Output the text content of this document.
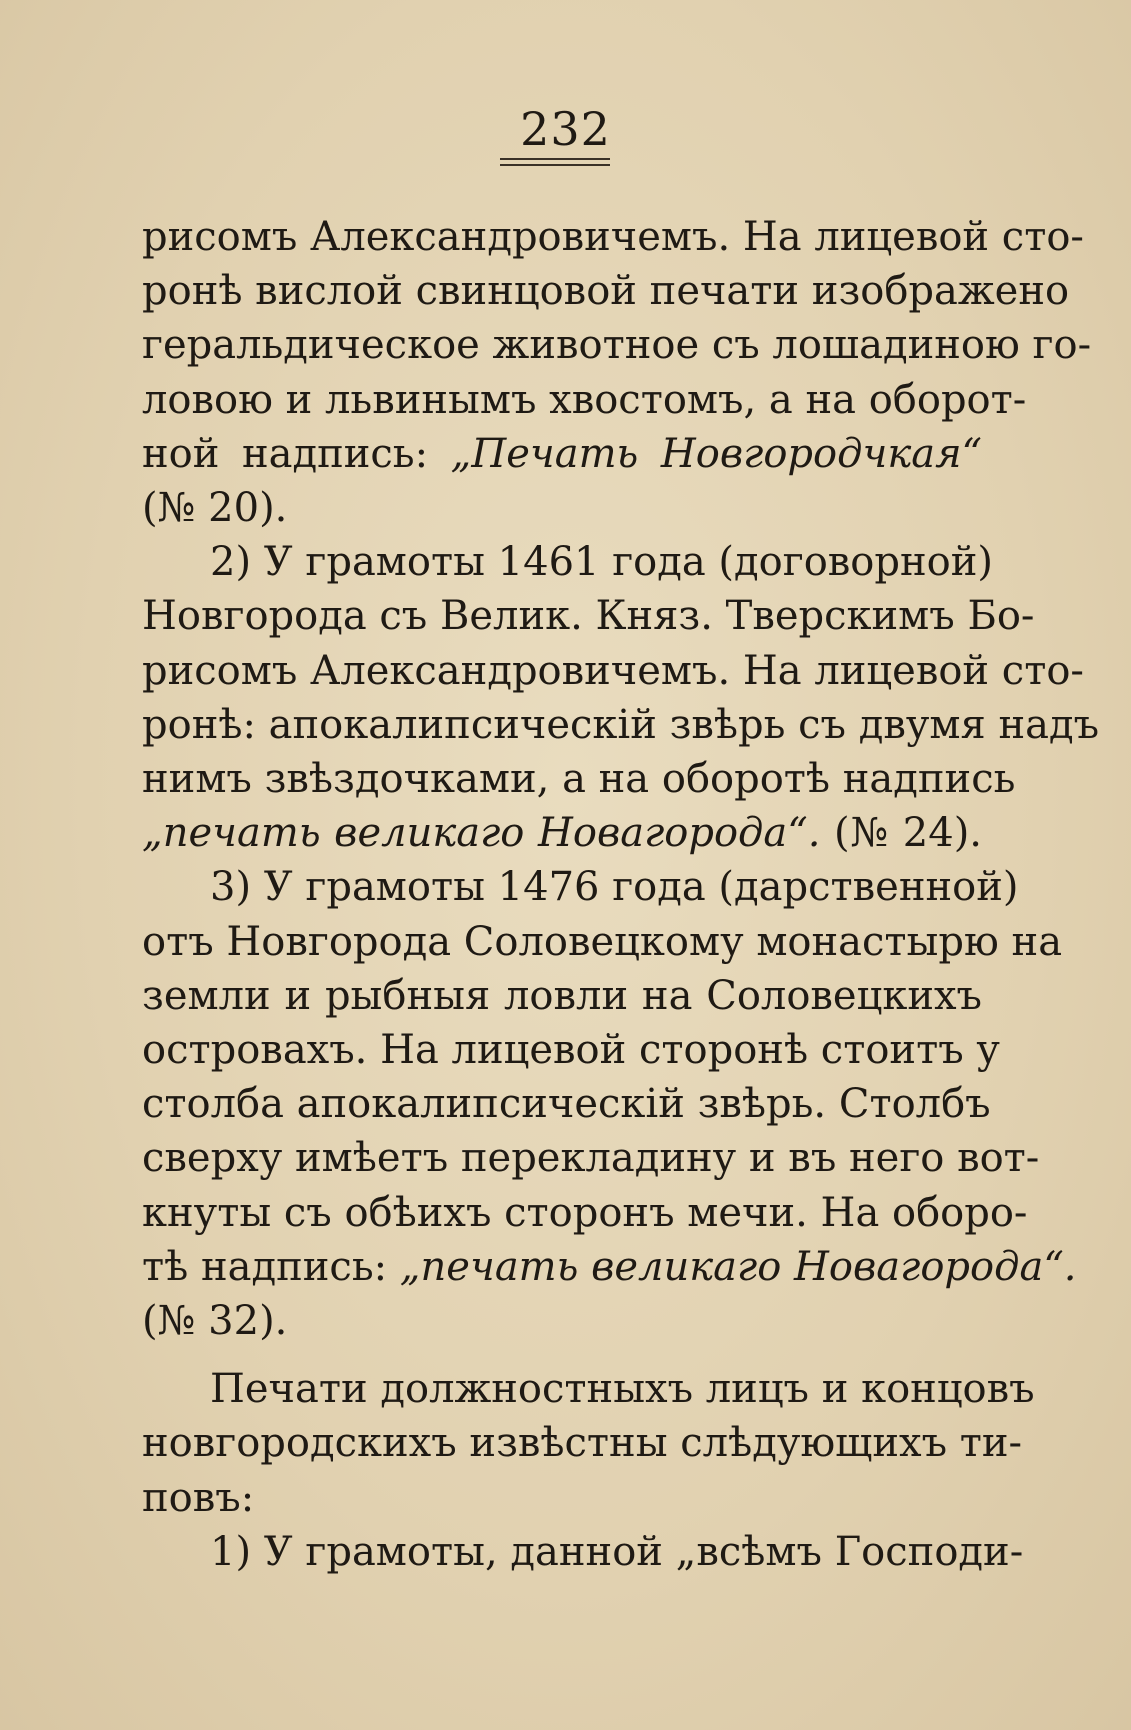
232
рисомъ Александровичемъ. На лицевой сто-
ронѣ вислой свинцовой печати изображено
геральдическое животное съ лошадиною го-
ловою и львинымъ хвостомъ, а на оборот-
ной надпись: „Печать Новгородчкая“
(№ 20).
2) У грамоты 1461 года (договорной)
Новгорода съ Велик. Княз. Тверскимъ Бо-
рисомъ Александровичемъ. На лицевой сто-
ронѣ: апокалипсическій звѣрь съ двумя надъ
нимъ звѣздочками, а на оборотѣ надпись
„печать великаго Новагорода“. (№ 24).
3) У грамоты 1476 года (дарственной)
отъ Новгорода Соловецкому монастырю на
земли и рыбныя ловли на Соловецкихъ
островахъ. На лицевой сторонѣ стоитъ у
столба апокалипсическій звѣрь. Столбъ
сверху имѣетъ перекладину и въ него вот-
кнуты съ обѣихъ сторонъ мечи. На оборо-
тѣ надпись: „печать великаго Новагорода“.
(№ 32).
Печати должностныхъ лицъ и концовъ
новгородскихъ извѣстны слѣдующихъ ти-
повъ:
1) У грамоты, данной „всѣмъ Господи-
